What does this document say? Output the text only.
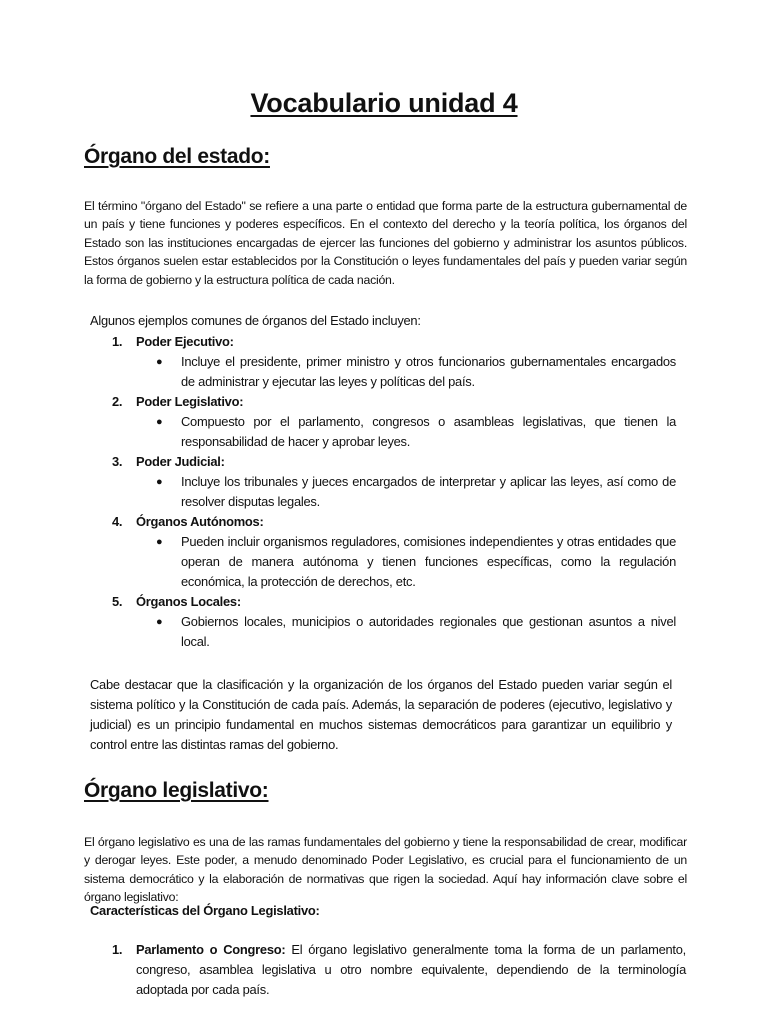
Vocabulario unidad 4
Órgano del estado:

El término "órgano del Estado" se refiere a una parte o entidad que forma parte de la estructura gubernamental de un país y tiene funciones y poderes específicos. En el contexto del derecho y la teoría política, los órganos del Estado son las instituciones encargadas de ejercer las funciones del gobierno y administrar los asuntos públicos. Estos órganos suelen estar establecidos por la Constitución o leyes fundamentales del país y pueden variar según la forma de gobierno y la estructura política de cada nación.

Algunos ejemplos comunes de órganos del Estado incluyen:
1. Poder Ejecutivo:
● Incluye el presidente, primer ministro y otros funcionarios gubernamentales encargados de administrar y ejecutar las leyes y políticas del país.
2. Poder Legislativo:
● Compuesto por el parlamento, congresos o asambleas legislativas, que tienen la responsabilidad de hacer y aprobar leyes.
3. Poder Judicial:
● Incluye los tribunales y jueces encargados de interpretar y aplicar las leyes, así como de resolver disputas legales.
4. Órganos Autónomos:
● Pueden incluir organismos reguladores, comisiones independientes y otras entidades que operan de manera autónoma y tienen funciones específicas, como la regulación económica, la protección de derechos, etc.
5. Órganos Locales:
● Gobiernos locales, municipios o autoridades regionales que gestionan asuntos a nivel local.

Cabe destacar que la clasificación y la organización de los órganos del Estado pueden variar según el sistema político y la Constitución de cada país. Además, la separación de poderes (ejecutivo, legislativo y judicial) es un principio fundamental en muchos sistemas democráticos para garantizar un equilibrio y control entre las distintas ramas del gobierno.

Órgano legislativo:

El órgano legislativo es una de las ramas fundamentales del gobierno y tiene la responsabilidad de crear, modificar y derogar leyes. Este poder, a menudo denominado Poder Legislativo, es crucial para el funcionamiento de un sistema democrático y la elaboración de normativas que rigen la sociedad. Aquí hay información clave sobre el órgano legislativo:

Características del Órgano Legislativo:
1. Parlamento o Congreso: El órgano legislativo generalmente toma la forma de un parlamento, congreso, asamblea legislativa u otro nombre equivalente, dependiendo de la terminología adoptada por cada país.
